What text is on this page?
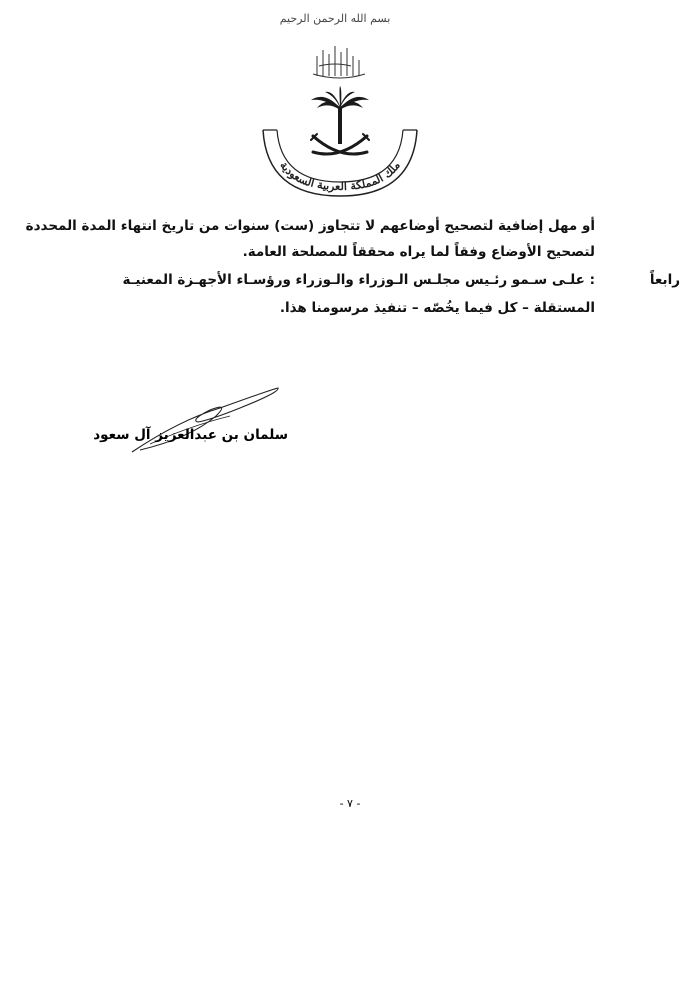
بسم الله الرحمن الرحيم
ملك المملكة العربية السعودية
أو مهل إضافية لتصحيح أوضاعهم لا تتجاوز (ست) سنوات من تاريخ انتهاء المدة المحددة
لتصحيح الأوضاع وفقاً لما يراه محققاً للمصلحة العامة.
رابعاً
: علـى سـمو رئـيس مجلـس الـوزراء والـوزراء ورؤسـاء الأجهـزة المعنيـة
المستقلة – كل فيما يخُصّه – تنفيذ مرسومنا هذا.
سلمان بن عبدالعزيز آل سعود
- ٧ -
